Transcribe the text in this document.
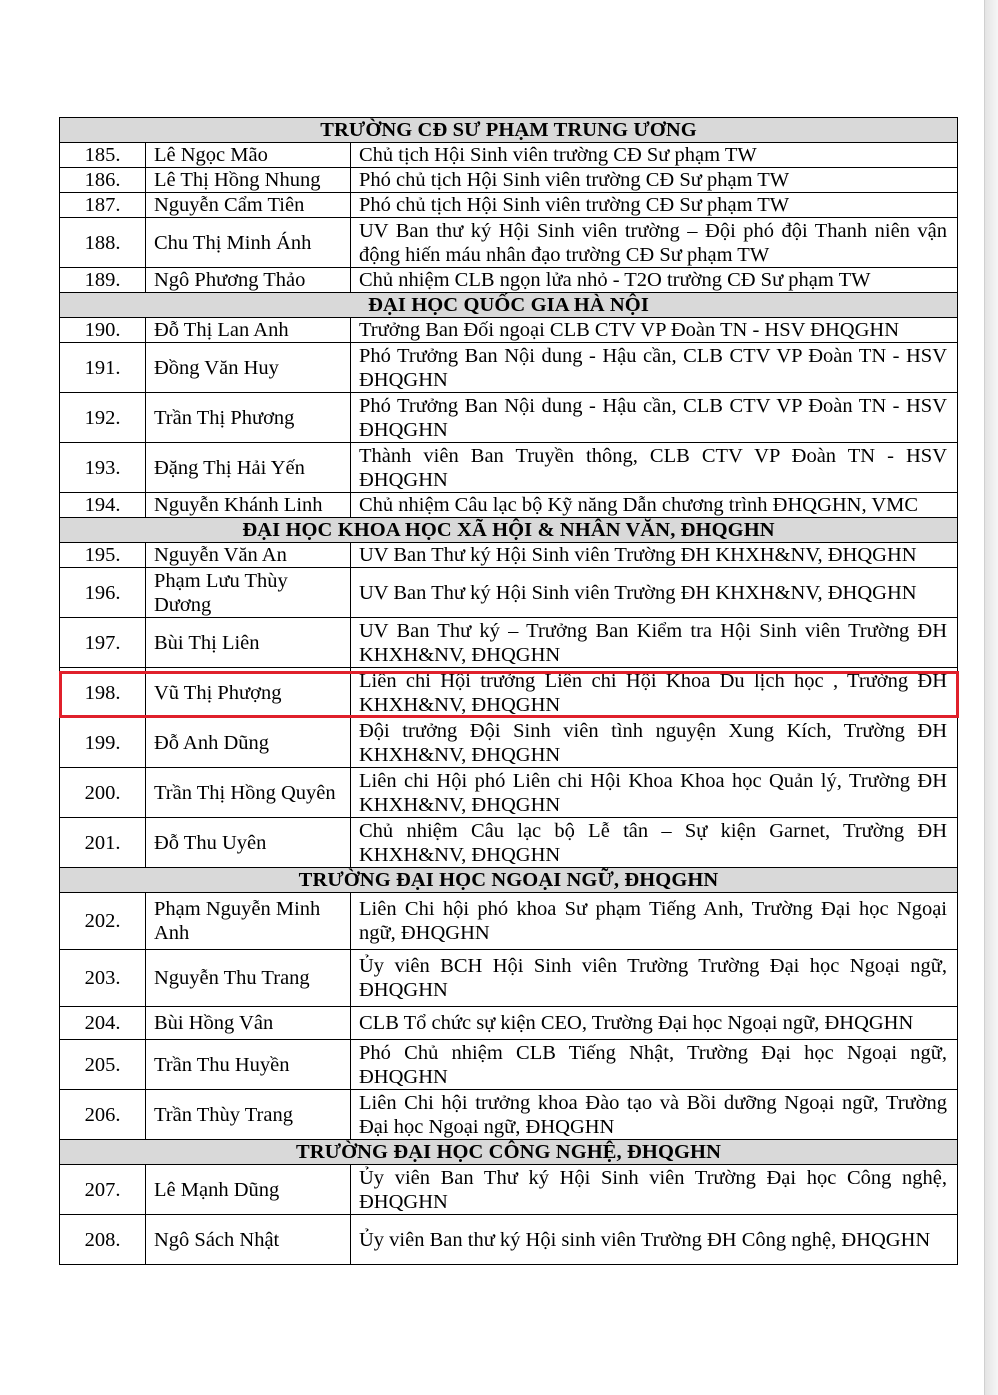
TRƯỜNG CĐ SƯ PHẠM TRUNG ƯƠNG		
185.	Lê Ngọc Mão	Chủ tịch Hội Sinh viên trường CĐ Sư phạm TW
186.	Lê Thị Hồng Nhung	Phó chủ tịch Hội Sinh viên trường CĐ Sư phạm TW
187.	Nguyễn Cẩm Tiên	Phó chủ tịch Hội Sinh viên trường CĐ Sư phạm TW
188.	Chu Thị Minh Ánh	UV Ban thư ký Hội Sinh viên trường – Đội phó đội Thanh niên vận động hiến máu nhân đạo trường CĐ Sư phạm TW
189.	Ngô Phương Thảo	Chủ nhiệm CLB ngọn lửa nhỏ - T2O trường CĐ Sư phạm TW
ĐẠI HỌC QUỐC GIA HÀ NỘI		
190.	Đỗ Thị Lan Anh	Trưởng Ban Đối ngoại CLB CTV VP Đoàn TN - HSV ĐHQGHN
191.	Đồng Văn Huy	Phó Trưởng Ban Nội dung - Hậu cần, CLB CTV VP Đoàn TN - HSV ĐHQGHN
192.	Trần Thị Phương	Phó Trưởng Ban Nội dung - Hậu cần, CLB CTV VP Đoàn TN - HSV ĐHQGHN
193.	Đặng Thị Hải Yến	Thành viên Ban Truyền thông, CLB CTV VP Đoàn TN - HSV ĐHQGHN
194.	Nguyễn Khánh Linh	Chủ nhiệm Câu lạc bộ Kỹ năng Dẫn chương trình ĐHQGHN, VMC
ĐẠI HỌC KHOA HỌC XÃ HỘI & NHÂN VĂN, ĐHQGHN		
195.	Nguyễn Văn An	UV Ban Thư ký Hội Sinh viên Trường ĐH KHXH&NV, ĐHQGHN
196.	Phạm Lưu Thùy Dương	UV Ban Thư ký Hội Sinh viên Trường ĐH KHXH&NV, ĐHQGHN
197.	Bùi Thị Liên	UV Ban Thư ký – Trưởng Ban Kiểm tra Hội Sinh viên Trường ĐH KHXH&NV, ĐHQGHN
198.	Vũ Thị Phượng	Liên chi Hội trưởng Liên chi Hội Khoa Du lịch học , Trường ĐH KHXH&NV, ĐHQGHN
199.	Đỗ Anh Dũng	Đội trưởng Đội Sinh viên tình nguyện Xung Kích, Trường ĐH KHXH&NV, ĐHQGHN
200.	Trần Thị Hồng Quyên	Liên chi Hội phó Liên chi Hội Khoa Khoa học Quản lý, Trường ĐH KHXH&NV, ĐHQGHN
201.	Đỗ Thu Uyên	Chủ nhiệm Câu lạc bộ Lễ tân – Sự kiện Garnet, Trường ĐH KHXH&NV, ĐHQGHN
TRƯỜNG ĐẠI HỌC NGOẠI NGỮ, ĐHQGHN		
202.	Phạm Nguyễn Minh Anh	Liên Chi hội phó khoa Sư phạm Tiếng Anh, Trường Đại học Ngoại ngữ, ĐHQGHN
203.	Nguyễn Thu Trang	Ủy viên BCH Hội Sinh viên Trường Trường Đại học Ngoại ngữ, ĐHQGHN
204.	Bùi Hồng Vân	CLB Tổ chức sự kiện CEO, Trường Đại học Ngoại ngữ, ĐHQGHN
205.	Trần Thu Huyền	Phó Chủ nhiệm CLB Tiếng Nhật, Trường Đại học Ngoại ngữ, ĐHQGHN
206.	Trần Thùy Trang	Liên Chi hội trưởng khoa Đào tạo và Bồi dưỡng Ngoại ngữ, Trường Đại học Ngoại ngữ, ĐHQGHN
TRƯỜNG ĐẠI HỌC CÔNG NGHỆ, ĐHQGHN		
207.	Lê Mạnh Dũng	Ủy viên Ban Thư ký Hội Sinh viên Trường Đại học Công nghệ, ĐHQGHN
208.	Ngô Sách Nhật	Ủy viên Ban thư ký Hội sinh viên Trường ĐH Công nghệ, ĐHQGHN
